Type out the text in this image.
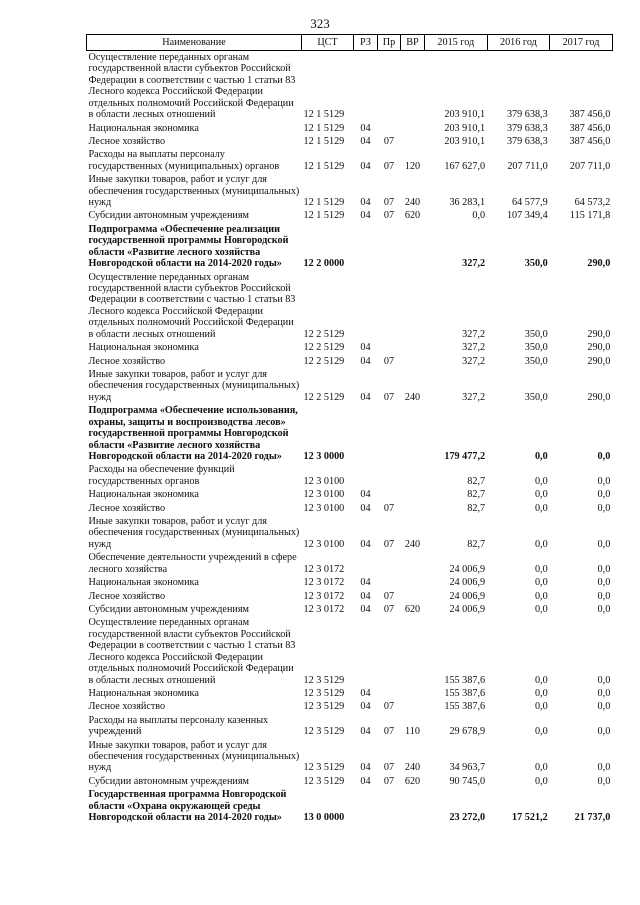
323
Наименование	ЦСТ	РЗ	Пр	ВР	2015 год	2016 год	2017 год
Осуществление переданных органам государственной власти субъектов Российской Федерации в соответствии с частью 1 статьи 83 Лесного кодекса Российской Федерации отдельных полномочий Российской Федерации в области лесных отношений	12 1 5129				203 910,1	379 638,3	387 456,0
Национальная экономика	12 1 5129	04			203 910,1	379 638,3	387 456,0
Лесное хозяйство	12 1 5129	04	07		203 910,1	379 638,3	387 456,0
Расходы на выплаты персоналу государственных (муниципальных) органов	12 1 5129	04	07	120	167 627,0	207 711,0	207 711,0
Иные закупки товаров, работ и услуг для обеспечения государственных (муниципальных) нужд	12 1 5129	04	07	240	36 283,1	64 577,9	64 573,2
Субсидии автономным учреждениям	12 1 5129	04	07	620	0,0	107 349,4	115 171,8
Подпрограмма «Обеспечение реализации государственной программы Новгородской области «Развитие лесного хозяйства Новгородской области на 2014-2020 годы»	12 2 0000				327,2	350,0	290,0
Осуществление переданных органам государственной власти субъектов Российской Федерации в соответствии с частью 1 статьи 83 Лесного кодекса Российской Федерации отдельных полномочий Российской Федерации в области лесных отношений	12 2 5129				327,2	350,0	290,0
Национальная экономика	12 2 5129	04			327,2	350,0	290,0
Лесное хозяйство	12 2 5129	04	07		327,2	350,0	290,0
Иные закупки товаров, работ и услуг для обеспечения государственных (муниципальных) нужд	12 2 5129	04	07	240	327,2	350,0	290,0
Подпрограмма «Обеспечение использования, охраны, защиты и воспроизводства лесов» государственной программы Новгородской области «Развитие лесного хозяйства Новгородской области на 2014-2020 годы»	12 3 0000				179 477,2	0,0	0,0
Расходы на обеспечение функций государственных органов	12 3 0100				82,7	0,0	0,0
Национальная экономика	12 3 0100	04			82,7	0,0	0,0
Лесное хозяйство	12 3 0100	04	07		82,7	0,0	0,0
Иные закупки товаров, работ и услуг для обеспечения государственных (муниципальных) нужд	12 3 0100	04	07	240	82,7	0,0	0,0
Обеспечение деятельности учреждений в сфере лесного хозяйства	12 3 0172				24 006,9	0,0	0,0
Национальная экономика	12 3 0172	04			24 006,9	0,0	0,0
Лесное хозяйство	12 3 0172	04	07		24 006,9	0,0	0,0
Субсидии автономным учреждениям	12 3 0172	04	07	620	24 006,9	0,0	0,0
Осуществление переданных органам государственной власти субъектов Российской Федерации в соответствии с частью 1 статьи 83 Лесного кодекса Российской Федерации отдельных полномочий Российской Федерации в области лесных отношений	12 3 5129				155 387,6	0,0	0,0
Национальная экономика	12 3 5129	04			155 387,6	0,0	0,0
Лесное хозяйство	12 3 5129	04	07		155 387,6	0,0	0,0
Расходы на выплаты персоналу казенных учреждений	12 3 5129	04	07	110	29 678,9	0,0	0,0
Иные закупки товаров, работ и услуг для обеспечения государственных (муниципальных) нужд	12 3 5129	04	07	240	34 963,7	0,0	0,0
Субсидии автономным учреждениям	12 3 5129	04	07	620	90 745,0	0,0	0,0
Государственная программа Новгородской области «Охрана окружающей среды Новгородской области на 2014-2020 годы»	13 0 0000				23 272,0	17 521,2	21 737,0
